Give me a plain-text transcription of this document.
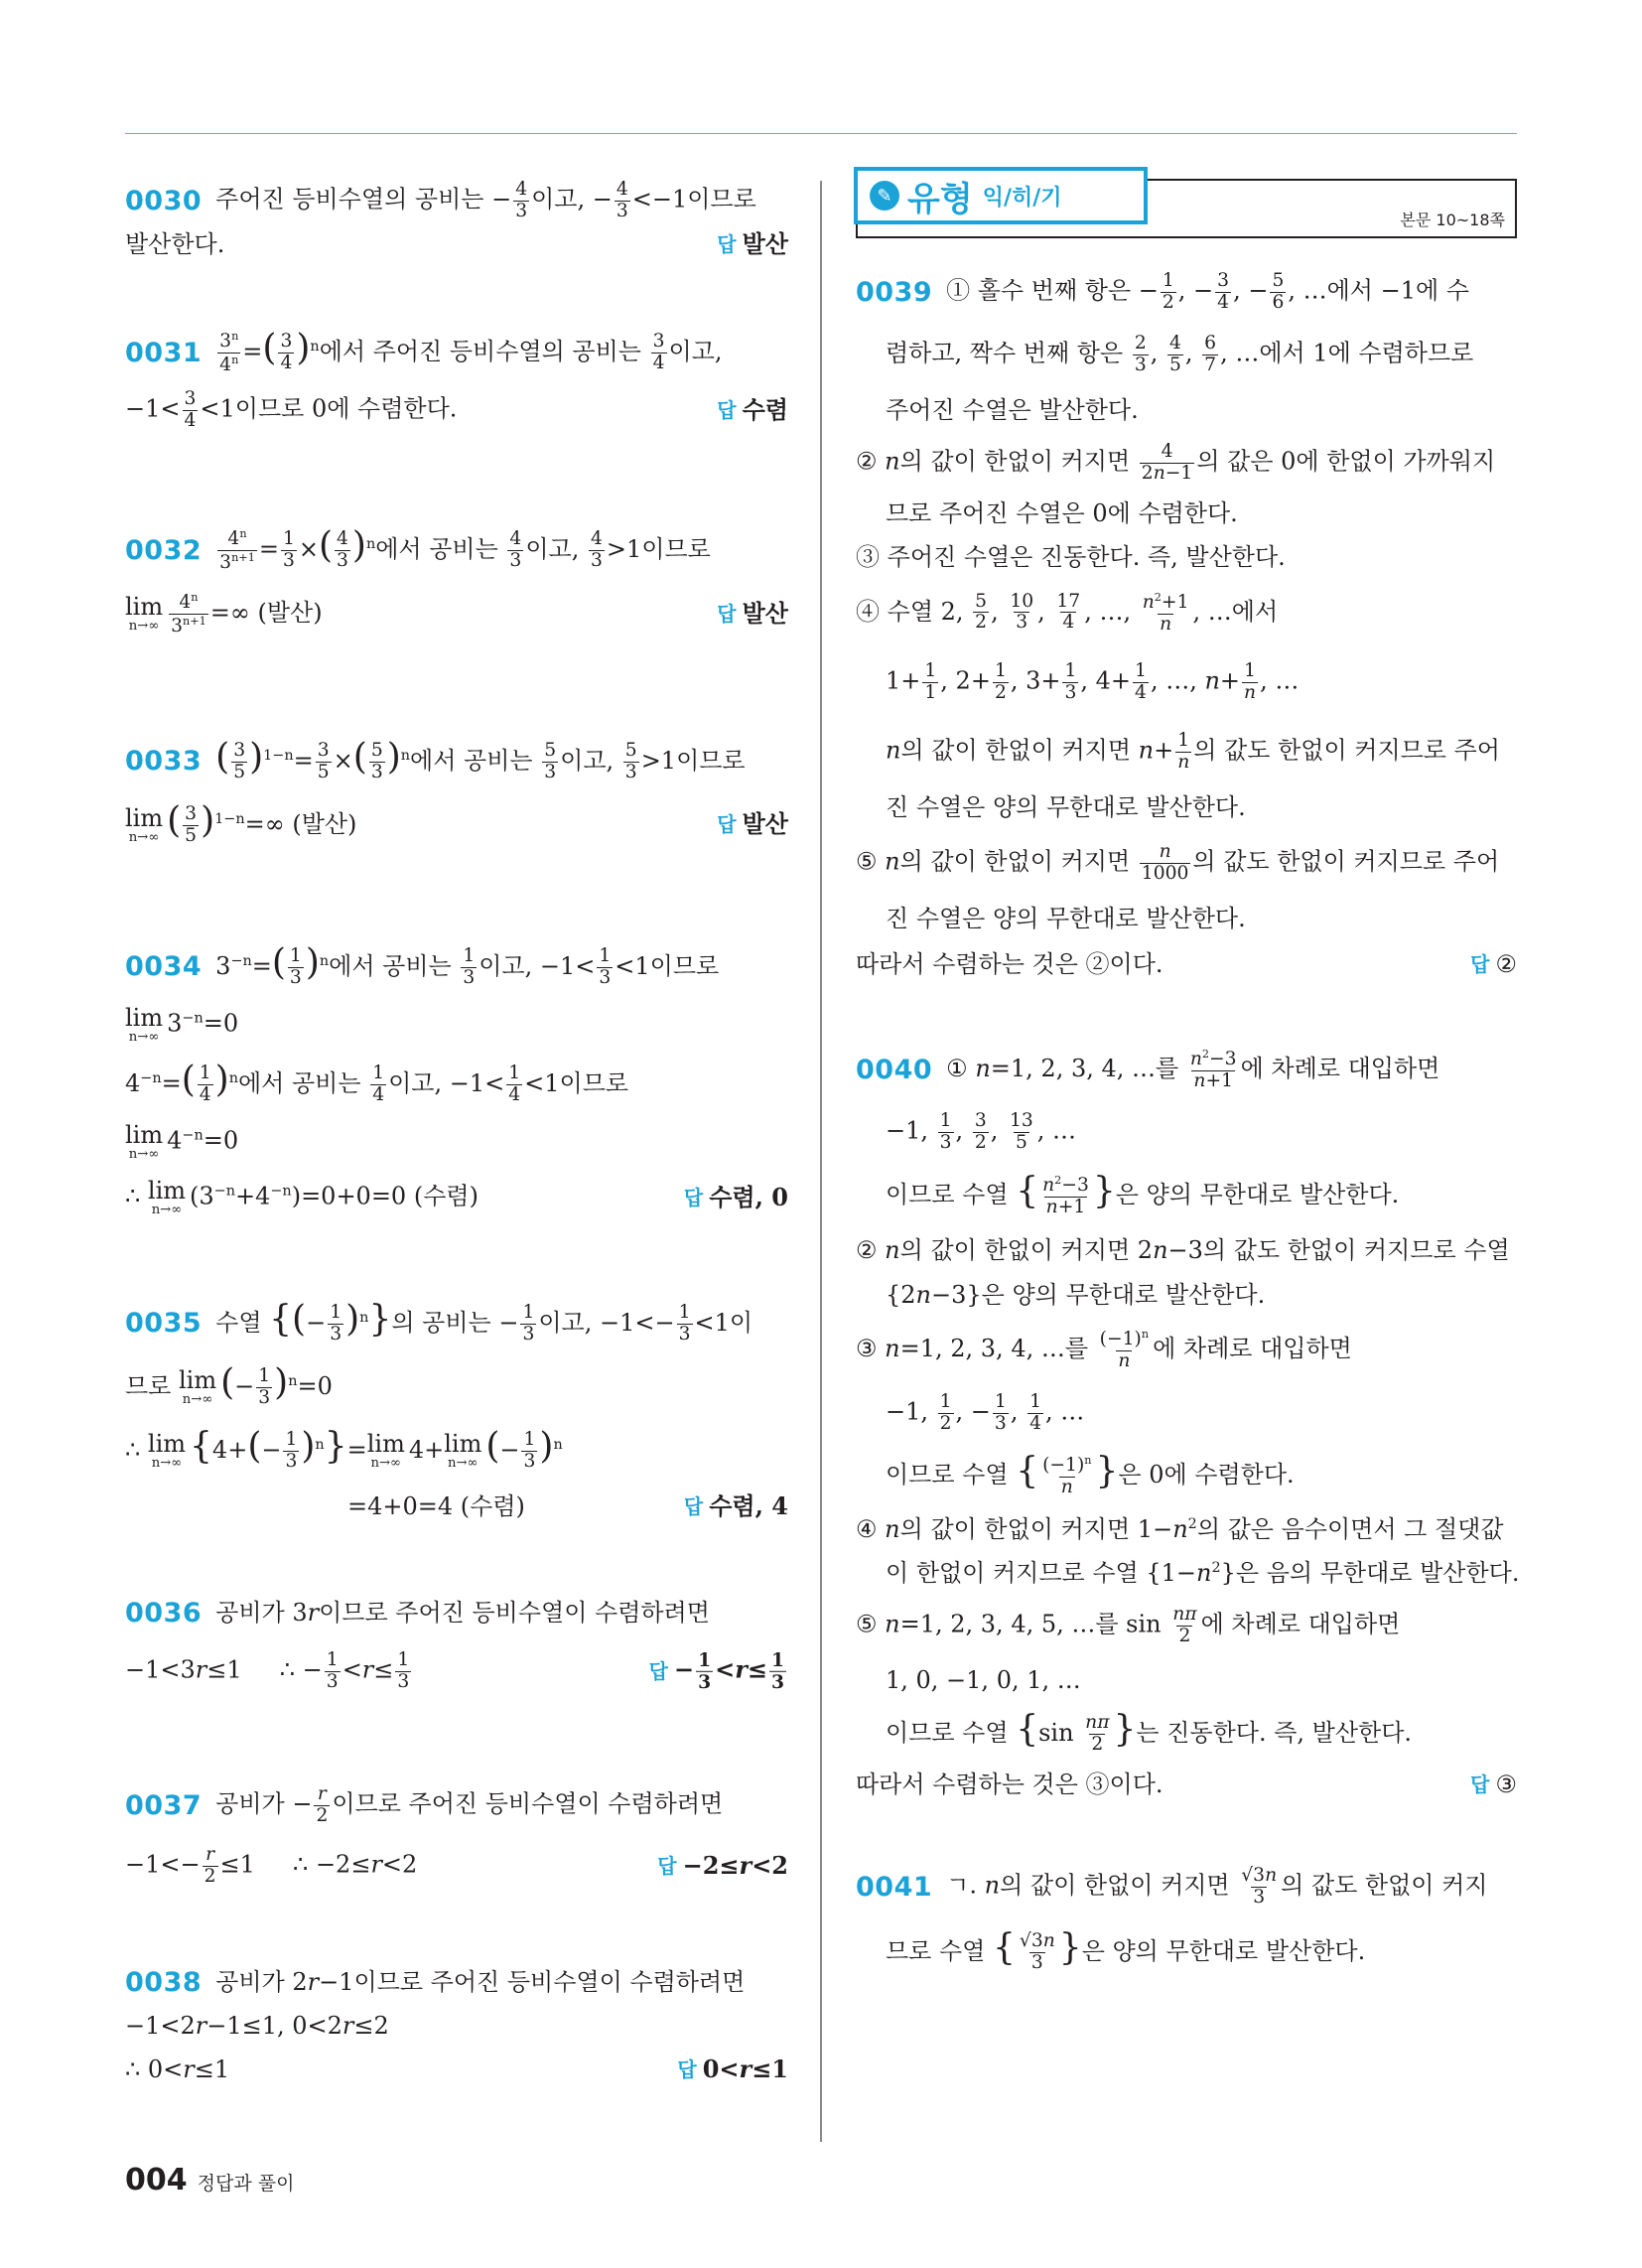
0030 주어진 등비수열의 공비는 − $\frac{4}{3}$ 이고, − $\frac{4}{3} <-1$이므로
발산한다.	답 발산
$0031 \frac{3^n}{4^n}$ =( $\frac{3}{4} )^n$에서 주어진 등비수열의 공비는 $\frac{3}{4}$ 이고,
$-1< \frac{3}{4} <1$이므로 0에 수렴한다.	답 수렴
$0032 \frac{4^n}{3^{n+1}} = \frac{1}{3}$ ×( $\frac{4}{3} )^n$에서 공비는 $\frac{4}{3}$ 이고, $\frac{4}{3} >1$이므로
lim
$n\to\infty \frac{4^n}{3^{n+1}}$ =∞ (발산)	답 발산
0033 ( $\frac{3}{5} )^{1-n}= \frac{3}{5}$ ×( $\frac{5}{3} )^n$에서 공비는 $\frac{5}{3}$ 이고, $\frac{5}{3} >1$이므로
lim
n→∞ ( $\frac{3}{5} )^{1-n}=\infty$ (발산)	답 발산
0034 $3^{-n}=( \frac{1}{3} )^n$에서 공비는 $\frac{1}{3}$ 이고, $-1< \frac{1}{3} <1$이므로
lim
n→∞ $3^{-n}=0$
$4^{-n}=( \frac{1}{4} )^n$에서 공비는 $\frac{1}{4}$ 이고, $-1< \frac{1}{4} <1$이므로
lim
n→∞ $4^{-n}=0$
∴ lim
n→∞ $(3^{-n}+4^{-n})=0+0=0$ (수렴)	답 수렴, 0
0035 수열 {(− $\frac{1}{3} )^n$}의 공비는 − $\frac{1}{3}$ 이고, $-1<- \frac{1}{3} <1$이
므로 lim
n→∞ (− $\frac{1}{3} )^n=0$
∴ lim
n→∞ $\{4+(- \frac{1}{3} )^n\}= \lim$
n→∞ 4+ lim
n→∞ (− $\frac{1}{3} )^n$
=4+0=4 (수렴)	답 수렴, 4
0036 공비가 3r이므로 주어진 등비수열이 수렴하려면
−1<3r≤1     ∴ − $\frac{1}{3} <r\le \frac{1}{3}$	답 − $\frac{1}{3} <r\le \frac{1}{3}$
0037 공비가 − $\frac{r}{2}$ 이므로 주어진 등비수열이 수렴하려면
$-1<- \frac{r}{2} \le 1$     ∴ −2≤r<2	답 −2≤r<2
0038 공비가 2r−1이므로 주어진 등비수열이 수렴하려면
−1<2r−1≤1, 0<2r≤2
∴ 0<r≤1	답 0<r≤1
✎ 유형 익/히/기
본문 10~18쪽
0039 ① 홀수 번째 항은 − $\frac{1}{2}$ , − $\frac{3}{4}$ , − $\frac{5}{6}$ , …에서 −1에 수
렴하고, 짝수 번째 항은 $\frac{2}{3}$ , $\frac{4}{5}$ , $\frac{6}{7}$ , …에서 1에 수렴하므로
주어진 수열은 발산한다.
② n의 값이 한없이 커지면 $\frac{4}{2n-1}$ 의 값은 0에 한없이 가까워지
므로 주어진 수열은 0에 수렴한다.
③ 주어진 수열은 진동한다. 즉, 발산한다.
④ 수열 2, $\frac{5}{2}$ , $\frac{10}{3}$ , $\frac{17}{4}$ , …, $\frac{n^2+1}{n}$ , …에서
$1+ \frac{1}{1}$ , $2+ \frac{1}{2}$ , $3+ \frac{1}{3}$ , $4+ \frac{1}{4}$ , …, $n+ \frac{1}{n}$ , …
n의 값이 한없이 커지면 $n+ \frac{1}{n}$ 의 값도 한없이 커지므로 주어
진 수열은 양의 무한대로 발산한다.
⑤ n의 값이 한없이 커지면 $\frac{n}{1000}$ 의 값도 한없이 커지므로 주어
진 수열은 양의 무한대로 발산한다.
따라서 수렴하는 것은 ②이다.	답 ②
0040 ① n=1, 2, 3, 4, …를 $\frac{n^2-3}{n+1}$ 에 차례로 대입하면
−1, $\frac{1}{3}$ , $\frac{3}{2}$ , $\frac{13}{5}$ , …
이므로 수열 { $\frac{n^2-3}{n+1}$ }은 양의 무한대로 발산한다.
② n의 값이 한없이 커지면 2n−3의 값도 한없이 커지므로 수열
{2n−3}은 양의 무한대로 발산한다.
③ n=1, 2, 3, 4, …를 $\frac{(-1)^n}{n}$ 에 차례로 대입하면
−1, $\frac{1}{2}$ , − $\frac{1}{3}$ , $\frac{1}{4}$ , …
이므로 수열 { $\frac{(-1)^n}{n}$ }은 0에 수렴한다.
④ n의 값이 한없이 커지면 $1-n^2$의 값은 음수이면서 그 절댓값
이 한없이 커지므로 수열 $\{1-n^2\}$은 음의 무한대로 발산한다.
⑤ n=1, 2, 3, 4, 5, …를 $\sin \frac{n\pi}{2}$ 에 차례로 대입하면
1, 0, −1, 0, 1, …
이므로 수열 {$\sin \frac{n\pi}{2}$ }는 진동한다. 즉, 발산한다.
따라서 수렴하는 것은 ③이다.	답 ③
0041 ㄱ. n의 값이 한없이 커지면 $\frac{√3n}{3}$ 의 값도 한없이 커지
므로 수열 { $\frac{√3n}{3}$ }은 양의 무한대로 발산한다.
004 정답과 풀이
